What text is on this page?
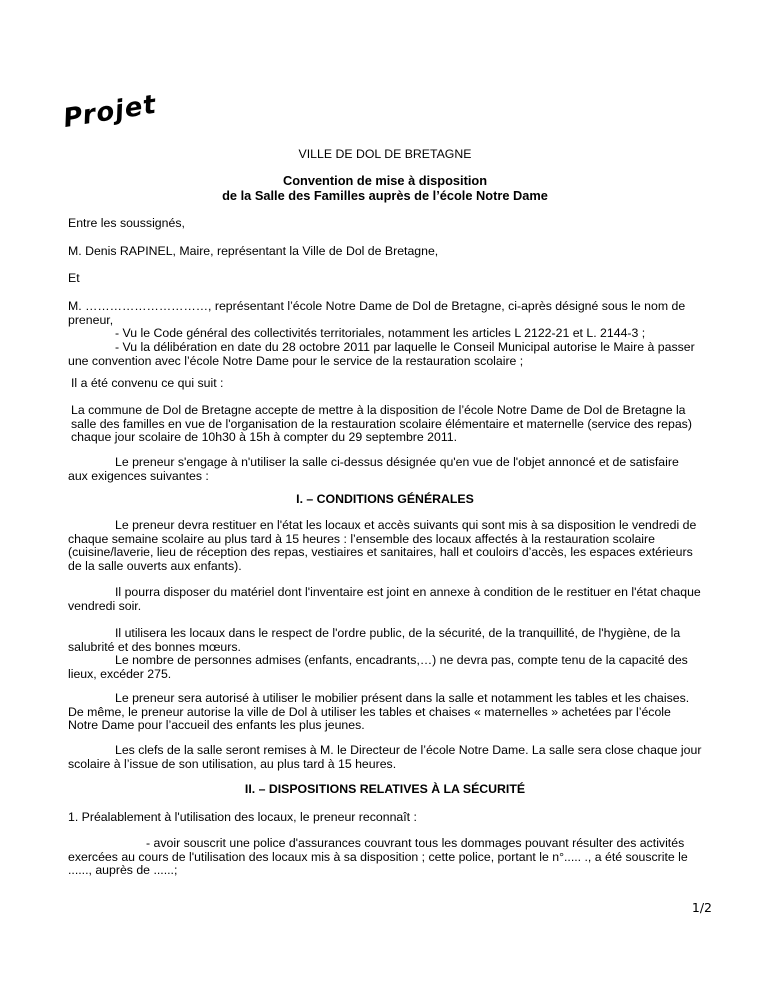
Projet

VILLE DE DOL DE BRETAGNE

Convention de mise à disposition

de la Salle des Familles auprès de l’école Notre Dame

Entre les soussignés,

M. Denis RAPINEL, Maire, représentant la Ville de Dol de Bretagne,

Et

M. …………………………, représentant l’école Notre Dame de Dol de Bretagne, ci-après désigné sous le nom de preneur,

- Vu le Code général des collectivités territoriales, notamment les articles L 2122-21 et L. 2144-3 ;

- Vu la délibération en date du 28 octobre 2011 par laquelle le Conseil Municipal autorise le Maire à passer une convention avec l’école Notre Dame pour le service de la restauration scolaire ;

Il a été convenu ce qui suit :

La commune de Dol de Bretagne accepte de mettre à la disposition de l’école Notre Dame de Dol de Bretagne la salle des familles en vue de l'organisation de la restauration scolaire élémentaire et maternelle (service des repas) chaque jour scolaire de 10h30 à 15h à compter du 29 septembre 2011.

Le preneur s'engage à n'utiliser la salle ci-dessus désignée qu'en vue de l'objet annoncé et de satisfaire aux exigences suivantes :

I. – CONDITIONS GÉNÉRALES

Le preneur devra restituer en l'état les locaux et accès suivants qui sont mis à sa disposition le vendredi de chaque semaine scolaire au plus tard à 15 heures : l’ensemble des locaux affectés à la restauration scolaire (cuisine/laverie, lieu de réception des repas, vestiaires et sanitaires, hall et couloirs d’accès, les espaces extérieurs de la salle ouverts aux enfants).

Il pourra disposer du matériel dont l'inventaire est joint en annexe à condition de le restituer en l'état chaque vendredi soir.

Il utilisera les locaux dans le respect de l'ordre public, de la sécurité, de la tranquillité, de l'hygiène, de la salubrité et des bonnes mœurs.

Le nombre de personnes admises (enfants, encadrants,…) ne devra pas, compte tenu de la capacité des lieux, excéder 275.

Le preneur sera autorisé à utiliser le mobilier présent dans la salle et notamment les tables et les chaises. De même, le preneur autorise la ville de Dol à utiliser les tables et chaises « maternelles » achetées par l’école Notre Dame pour l’accueil des enfants les plus jeunes.

Les clefs de la salle seront remises à M. le Directeur de l’école Notre Dame. La salle sera close chaque jour scolaire à l’issue de son utilisation, au plus tard à 15 heures.

II. – DISPOSITIONS RELATIVES À LA SÉCURITÉ

1. Préalablement à l'utilisation des locaux, le preneur reconnaît :

- avoir souscrit une police d'assurances couvrant tous les dommages pouvant résulter des activités exercées au cours de l'utilisation des locaux mis à sa disposition ; cette police, portant le n°..... ., a été souscrite le ......, auprès de ......;

1/2
